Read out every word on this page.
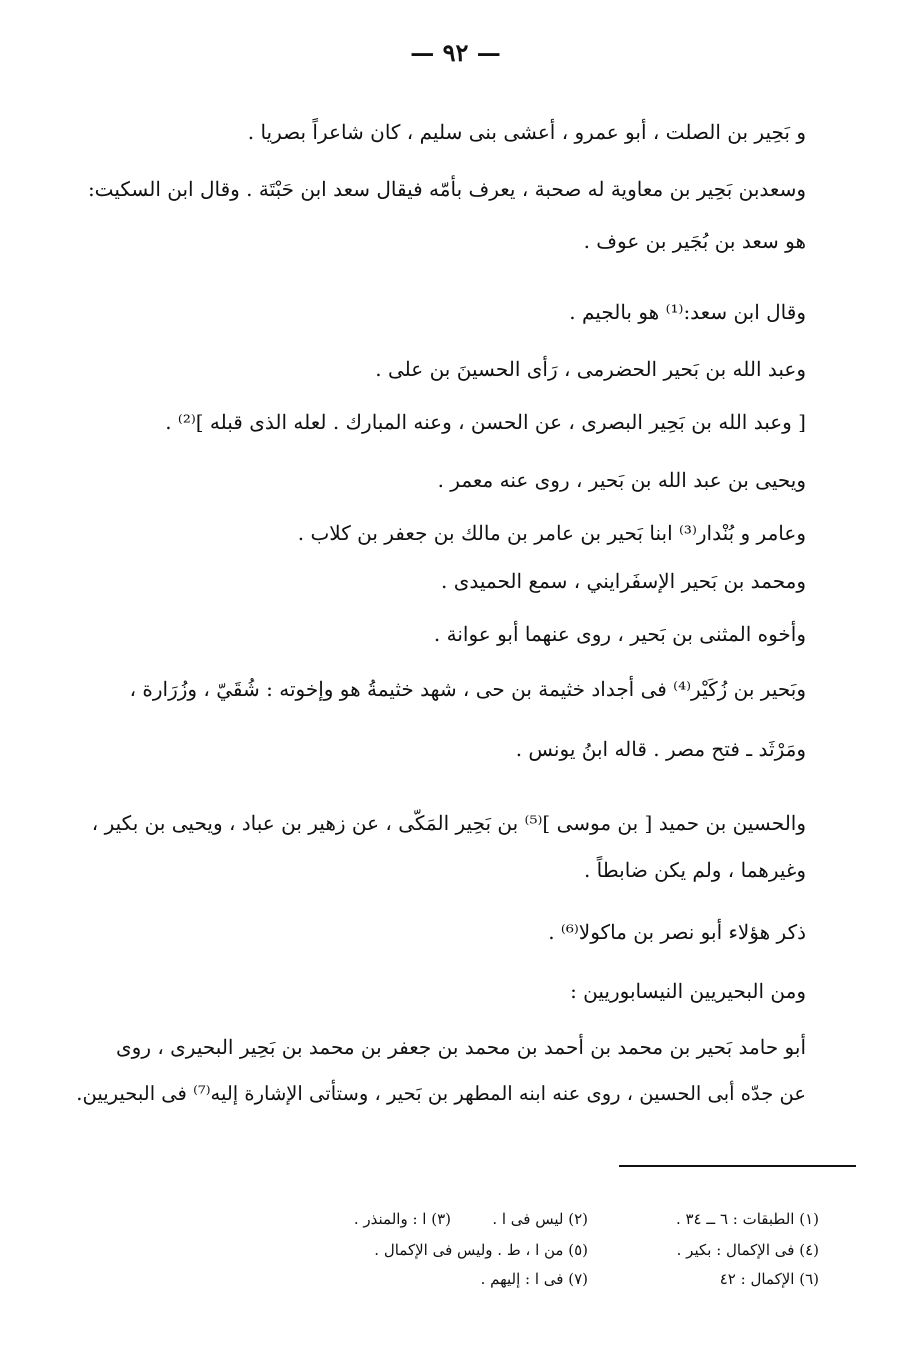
— ٩٢ —
و بَحِير بن الصلت ، أبو عمرو ، أعشى بنى سليم ، كان شاعراً بصريا .
وسعدبن بَحِير بن معاوية له صحبة ، يعرف بأمّه فيقال سعد ابن حَبْتَة . وقال ابن السكيت:
هو سعد بن بُجَير بن عوف .
وقال ابن سعد:⁽¹⁾ هو بالجيم .
وعبد الله بن بَحير الحضرمى ، رَأى الحسينَ بن على .
[ وعبد الله بن بَحِير البصرى ، عن الحسن ، وعنه المبارك . لعله الذى قبله ]⁽²⁾ .
ويحيى بن عبد الله بن بَحير ، روى عنه معمر .
وعامر و بُنْدار⁽³⁾ ابنا بَحير بن عامر بن مالك بن جعفر بن كلاب .
ومحمد بن بَحير الإسفَرايني ، سمع الحميدى .
وأخوه المثنى بن بَحير ، روى عنهما أبو عوانة .
وبَحير بن زُكَيْر⁽⁴⁾ فى أجداد خثيمة بن حى ، شهد خثيمةُ هو وإخوته : شُقَيّ ، وزُرَارة ،
ومَرْثَد ـ فتح مصر . قاله ابنُ يونس .
والحسين بن حميد [ بن موسى ]⁽⁵⁾ بن بَحِير المَكّى ، عن زهير بن عباد ، ويحيى بن بكير ،
وغيرهما ، ولم يكن ضابطاً .
ذكر هؤلاء أبو نصر بن ماكولا⁽⁶⁾ .
ومن البحيريين النيسابوريين :
أبو حامد بَحير بن محمد بن أحمد بن محمد بن جعفر بن محمد بن بَحِير البحيرى ، روى
عن جدّه أبى الحسين ، روى عنه ابنه المطهر بن بَحير ، وستأتى الإشارة إليه⁽⁷⁾ فى البحيريين.
(١) الطبقات : ٦ ــ ٣٤ .
(٢) ليس فى ا .
(٣) ا : والمنذر .
(٤) فى الإكمال : بكير .
(٥) من ا ، ط . وليس فى الإكمال .
(٦) الإكمال : ٤٢
(٧) فى ا : إليهم .
